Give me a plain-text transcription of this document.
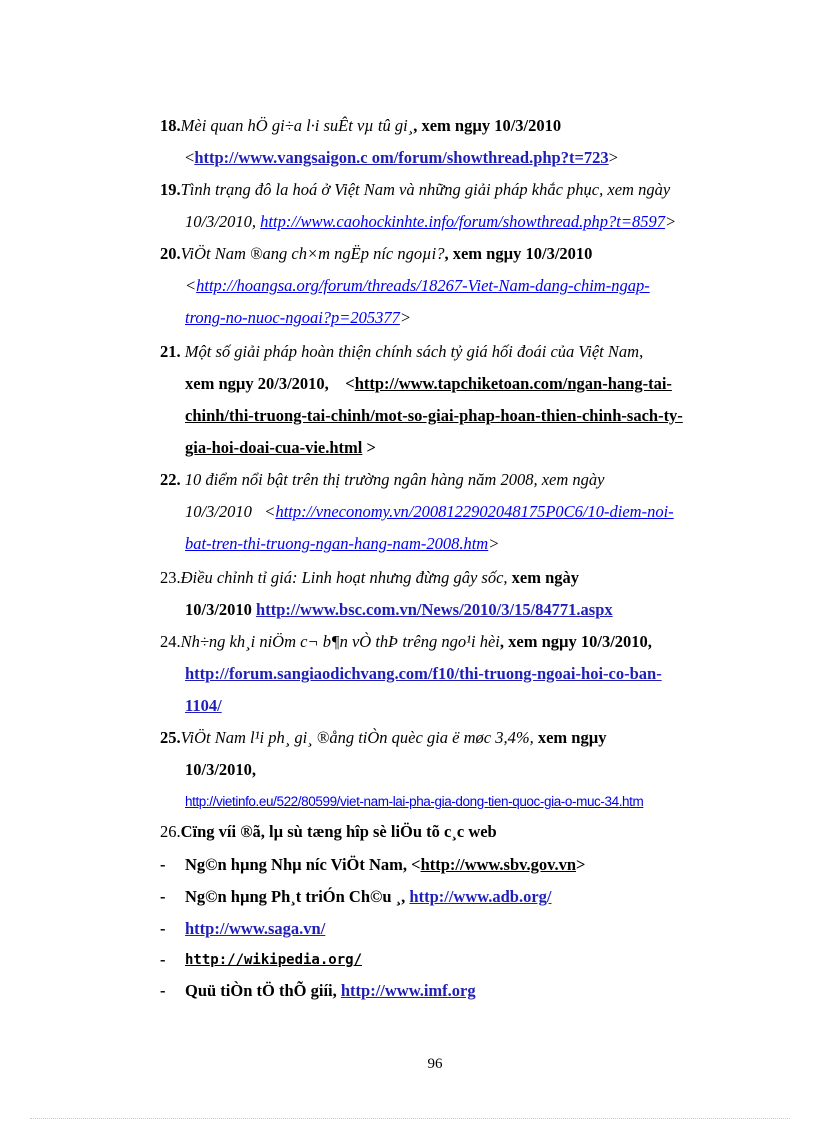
18.Mèi quan hÖ gi÷a l·i suÊt vµ tû gi¸, xem ngµy 10/3/2010
<http://www.vangsaigon.c om/forum/showthread.php?t=723>
19.Tình trạng đô la hoá ở Việt Nam và những giải pháp khắc phục, xem ngày
10/3/2010, http://www.caohockinhte.info/forum/showthread.php?t=8597>
20.ViÖt Nam ®ang ch×m ngËp níc ngoµi?, xem ngµy 10/3/2010
<http://hoangsa.org/forum/threads/18267-Viet-Nam-dang-chim-ngap-
trong-no-nuoc-ngoai?p=205377>
21. Một số giải pháp hoàn thiện chính sách tỷ giá hối đoái của Việt Nam,
xem ngµy 20/3/2010, <http://www.tapchiketoan.com/ngan-hang-tai-
chinh/thi-truong-tai-chinh/mot-so-giai-phap-hoan-thien-chinh-sach-ty-
gia-hoi-doai-cua-vie.html >
22. 10 điểm nổi bật trên thị trường ngân hàng năm 2008, xem ngày
10/3/2010 <http://vneconomy.vn/20081229020481​75P0C6/10-diem-noi-
bat-tren-thi-truong-ngan-hang-nam-2008.htm>
23.Điều chỉnh tỉ giá: Linh hoạt nhưng đừng gây sốc, xem ngày
10/3/2010 http://www.bsc.com.vn/News/2010/3/15/84771.aspx
24.Nh÷ng kh¸i niÖm c¬ b¶n vÒ thÞ trêng ngo¹i hèi, xem ngµy 10/3/2010,
http://forum.sangiaodichvang.com/f10/thi-truong-ngoai-hoi-co-ban-
1104/
25.ViÖt Nam l¹i ph¸ gi¸ ®ång tiÒn quèc gia ë møc 3,4%, xem ngµy
10/3/2010,
http://vietinfo.eu/522/80599/viet-nam-lai-pha-gia-dong-tien-quoc-gia-o-muc-34.htm
26.Cïng víi ®ã, lµ sù tæng hîp sè liÖu tõ c¸c web
- Ng©n hµng Nhµ níc ViÖt Nam, <http://www.sbv.gov.vn>
- Ng©n hµng Ph¸t triÓn Ch©u ¸, http://www.adb.org/
- http://www.saga.vn/
- http://wikipedia.org/
- Quü tiÒn tÖ thÕ giíi, http://www.imf.org
96
